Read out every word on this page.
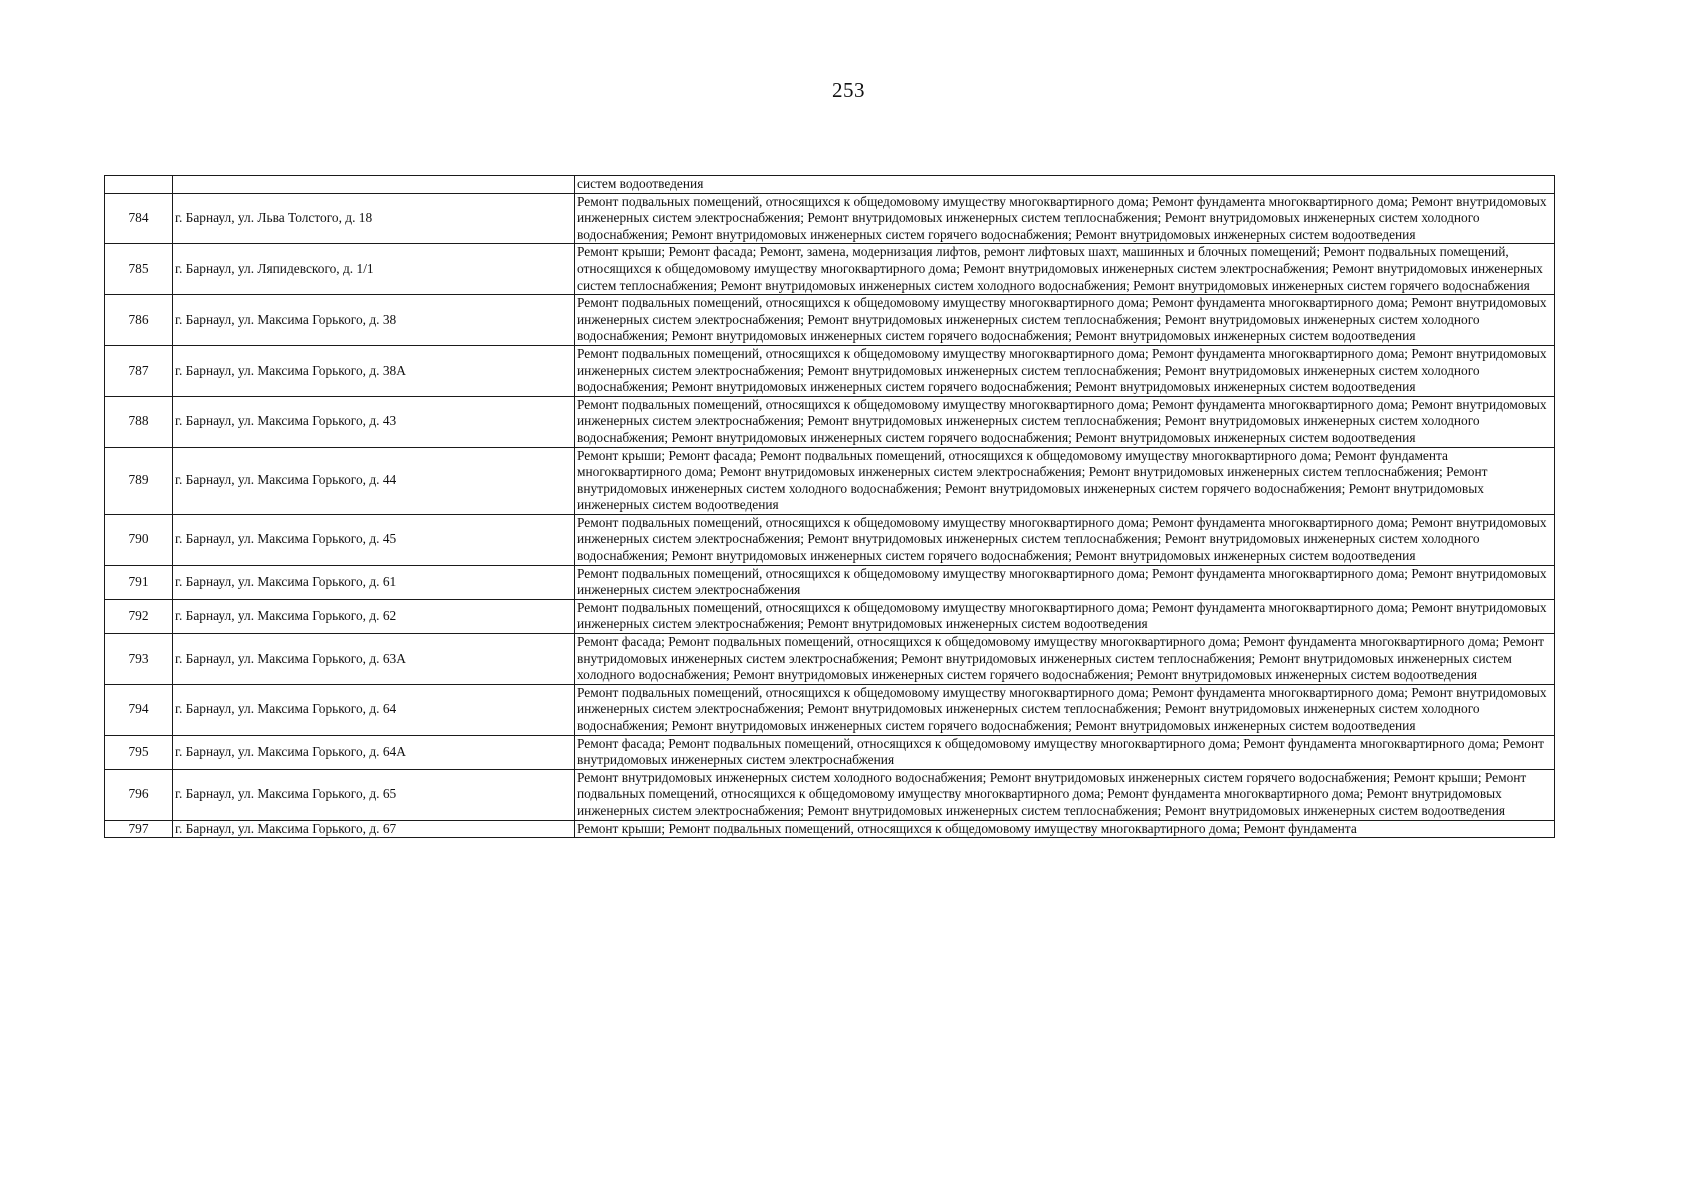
253
		систем водоотведения
784	г. Барнаул, ул. Льва Толстого, д. 18	Ремонт подвальных помещений, относящихся к общедомовому имуществу многоквартирного дома; Ремонт фундамента многоквартирного дома; Ремонт внутридомовых инженерных систем электроснабжения; Ремонт внутридомовых инженерных систем теплоснабжения; Ремонт внутридомовых инженерных систем холодного водоснабжения; Ремонт внутридомовых инженерных систем горячего водоснабжения; Ремонт внутридомовых инженерных систем водоотведения
785	г. Барнаул, ул. Ляпидевского, д. 1/1	Ремонт крыши; Ремонт фасада; Ремонт, замена, модернизация лифтов, ремонт лифтовых шахт, машинных и блочных помещений; Ремонт подвальных помещений, относящихся к общедомовому имуществу многоквартирного дома; Ремонт внутридомовых инженерных систем электроснабжения; Ремонт внутридомовых инженерных систем теплоснабжения; Ремонт внутридомовых инженерных систем холодного водоснабжения; Ремонт внутридомовых инженерных систем горячего водоснабжения
786	г. Барнаул, ул. Максима Горького, д. 38	Ремонт подвальных помещений, относящихся к общедомовому имуществу многоквартирного дома; Ремонт фундамента многоквартирного дома; Ремонт внутридомовых инженерных систем электроснабжения; Ремонт внутридомовых инженерных систем теплоснабжения; Ремонт внутридомовых инженерных систем холодного водоснабжения; Ремонт внутридомовых инженерных систем горячего водоснабжения; Ремонт внутридомовых инженерных систем водоотведения
787	г. Барнаул, ул. Максима Горького, д. 38А	Ремонт подвальных помещений, относящихся к общедомовому имуществу многоквартирного дома; Ремонт фундамента многоквартирного дома; Ремонт внутридомовых инженерных систем электроснабжения; Ремонт внутридомовых инженерных систем теплоснабжения; Ремонт внутридомовых инженерных систем холодного водоснабжения; Ремонт внутридомовых инженерных систем горячего водоснабжения; Ремонт внутридомовых инженерных систем водоотведения
788	г. Барнаул, ул. Максима Горького, д. 43	Ремонт подвальных помещений, относящихся к общедомовому имуществу многоквартирного дома; Ремонт фундамента многоквартирного дома; Ремонт внутридомовых инженерных систем электроснабжения; Ремонт внутридомовых инженерных систем теплоснабжения; Ремонт внутридомовых инженерных систем холодного водоснабжения; Ремонт внутридомовых инженерных систем горячего водоснабжения; Ремонт внутридомовых инженерных систем водоотведения
789	г. Барнаул, ул. Максима Горького, д. 44	Ремонт крыши; Ремонт фасада; Ремонт подвальных помещений, относящихся к общедомовому имуществу многоквартирного дома; Ремонт фундамента многоквартирного дома; Ремонт внутридомовых инженерных систем электроснабжения; Ремонт внутридомовых инженерных систем теплоснабжения; Ремонт внутридомовых инженерных систем холодного водоснабжения; Ремонт внутридомовых инженерных систем горячего водоснабжения; Ремонт внутридомовых инженерных систем водоотведения
790	г. Барнаул, ул. Максима Горького, д. 45	Ремонт подвальных помещений, относящихся к общедомовому имуществу многоквартирного дома; Ремонт фундамента многоквартирного дома; Ремонт внутридомовых инженерных систем электроснабжения; Ремонт внутридомовых инженерных систем теплоснабжения; Ремонт внутридомовых инженерных систем холодного водоснабжения; Ремонт внутридомовых инженерных систем горячего водоснабжения; Ремонт внутридомовых инженерных систем водоотведения
791	г. Барнаул, ул. Максима Горького, д. 61	Ремонт подвальных помещений, относящихся к общедомовому имуществу многоквартирного дома; Ремонт фундамента многоквартирного дома; Ремонт внутридомовых инженерных систем электроснабжения
792	г. Барнаул, ул. Максима Горького, д. 62	Ремонт подвальных помещений, относящихся к общедомовому имуществу многоквартирного дома; Ремонт фундамента многоквартирного дома; Ремонт внутридомовых инженерных систем электроснабжения; Ремонт внутридомовых инженерных систем водоотведения
793	г. Барнаул, ул. Максима Горького, д. 63А	Ремонт фасада; Ремонт подвальных помещений, относящихся к общедомовому имуществу многоквартирного дома; Ремонт фундамента многоквартирного дома; Ремонт внутридомовых инженерных систем электроснабжения; Ремонт внутридомовых инженерных систем теплоснабжения; Ремонт внутридомовых инженерных систем холодного водоснабжения; Ремонт внутридомовых инженерных систем горячего водоснабжения; Ремонт внутридомовых инженерных систем водоотведения
794	г. Барнаул, ул. Максима Горького, д. 64	Ремонт подвальных помещений, относящихся к общедомовому имуществу многоквартирного дома; Ремонт фундамента многоквартирного дома; Ремонт внутридомовых инженерных систем электроснабжения; Ремонт внутридомовых инженерных систем теплоснабжения; Ремонт внутридомовых инженерных систем холодного водоснабжения; Ремонт внутридомовых инженерных систем горячего водоснабжения; Ремонт внутридомовых инженерных систем водоотведения
795	г. Барнаул, ул. Максима Горького, д. 64А	Ремонт фасада; Ремонт подвальных помещений, относящихся к общедомовому имуществу многоквартирного дома; Ремонт фундамента многоквартирного дома; Ремонт внутридомовых инженерных систем электроснабжения
796	г. Барнаул, ул. Максима Горького, д. 65	Ремонт внутридомовых инженерных систем холодного водоснабжения; Ремонт внутридомовых инженерных систем горячего водоснабжения; Ремонт крыши; Ремонт подвальных помещений, относящихся к общедомовому имуществу многоквартирного дома; Ремонт фундамента многоквартирного дома; Ремонт внутридомовых инженерных систем электроснабжения; Ремонт внутридомовых инженерных систем теплоснабжения; Ремонт внутридомовых инженерных систем водоотведения
797	г. Барнаул, ул. Максима Горького, д. 67	Ремонт крыши; Ремонт подвальных помещений, относящихся к общедомовому имуществу многоквартирного дома; Ремонт фундамента
